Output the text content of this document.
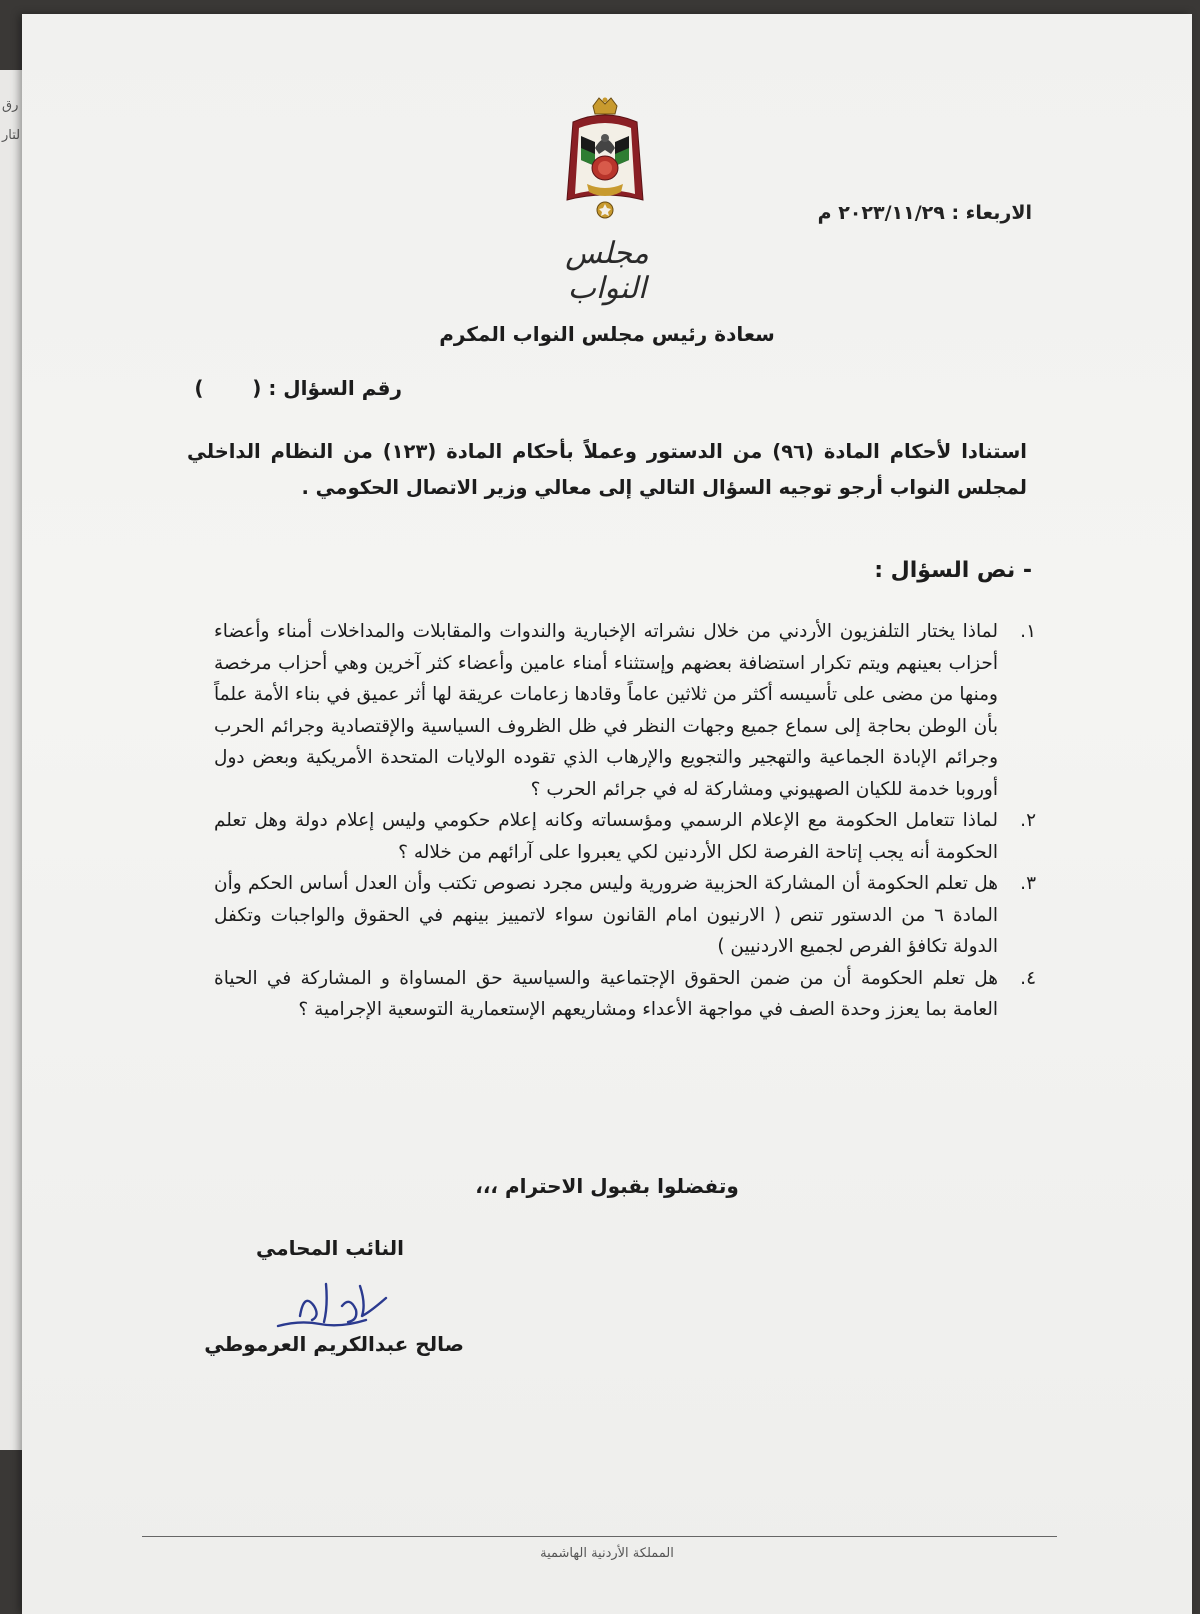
رق
لتار
مجلس النواب
الاربعاء : ٢٠٢٣/١١/٢٩ م
سعادة رئيس مجلس النواب المكرم
رقم السؤال : (       )
استنادا لأحكام المادة (٩٦) من الدستور وعملاً بأحكام المادة (١٢٣) من النظام الداخلي لمجلس النواب أرجو توجيه السؤال التالي إلى معالي وزير الاتصال الحكومي .
- نص السؤال :
١.
لماذا يختار التلفزيون الأردني من خلال نشراته الإخبارية والندوات والمقابلات والمداخلات أمناء وأعضاء أحزاب بعينهم ويتم تكرار استضافة بعضهم وإستثناء أمناء عامين وأعضاء كثر آخرين وهي أحزاب مرخصة ومنها من مضى على تأسيسه أكثر من ثلاثين عاماً وقادها زعامات عريقة لها أثر عميق في بناء الأمة علماً بأن الوطن بحاجة إلى سماع جميع وجهات النظر في ظل الظروف السياسية والإقتصادية وجرائم الحرب وجرائم الإبادة الجماعية والتهجير والتجويع والإرهاب الذي تقوده الولايات المتحدة الأمريكية وبعض دول أوروبا خدمة للكيان الصهيوني ومشاركة له في جرائم الحرب ؟
٢.
لماذا تتعامل الحكومة مع الإعلام الرسمي ومؤسساته وكانه إعلام حكومي وليس إعلام دولة وهل تعلم الحكومة أنه يجب إتاحة الفرصة لكل الأردنين لكي يعبروا على آرائهم من خلاله ؟
٣.
هل تعلم الحكومة أن المشاركة الحزبية ضرورية وليس مجرد نصوص تكتب وأن العدل أساس الحكم وأن المادة ٦ من الدستور تنص ( الارنيون امام القانون سواء لاتمييز بينهم في الحقوق والواجبات وتكفل الدولة تكافؤ الفرص لجميع الاردنيين )
٤.
هل تعلم الحكومة أن من ضمن الحقوق الإجتماعية والسياسية حق المساواة و المشاركة في الحياة العامة بما يعزز وحدة الصف في مواجهة الأعداء ومشاريعهم الإستعمارية التوسعية الإجرامية ؟
وتفضلوا بقبول الاحترام ،،،
النائب المحامي
صالح عبدالكريم العرموطي
المملكة الأردنية الهاشمية
